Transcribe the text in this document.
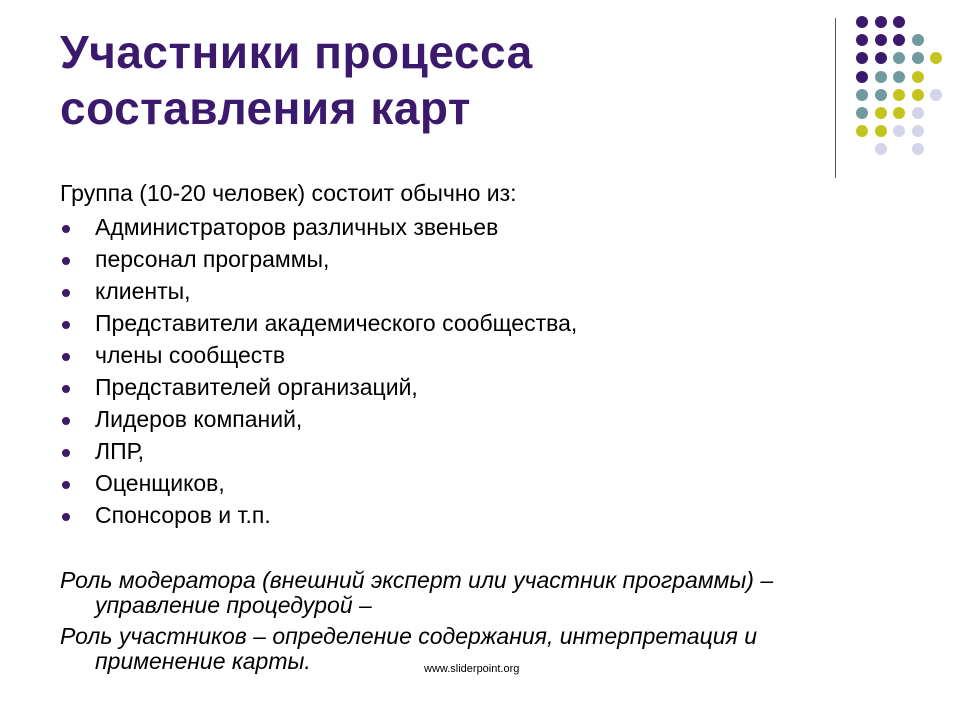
Участники процесса
составления карт

Группа (10-20 человек) состоит обычно из:

Администраторов различных звеньев
персонал программы,
клиенты,
Представители академического сообщества,
члены сообществ
Представителей организаций,
Лидеров компаний,
ЛПР,
Оценщиков,
Спонсоров и т.п.
Роль модератора (внешний эксперт или участник программы) –
управление процедурой –
Роль участников – определение содержания, интерпретация и
применение карты.	www.sliderpoint.org
